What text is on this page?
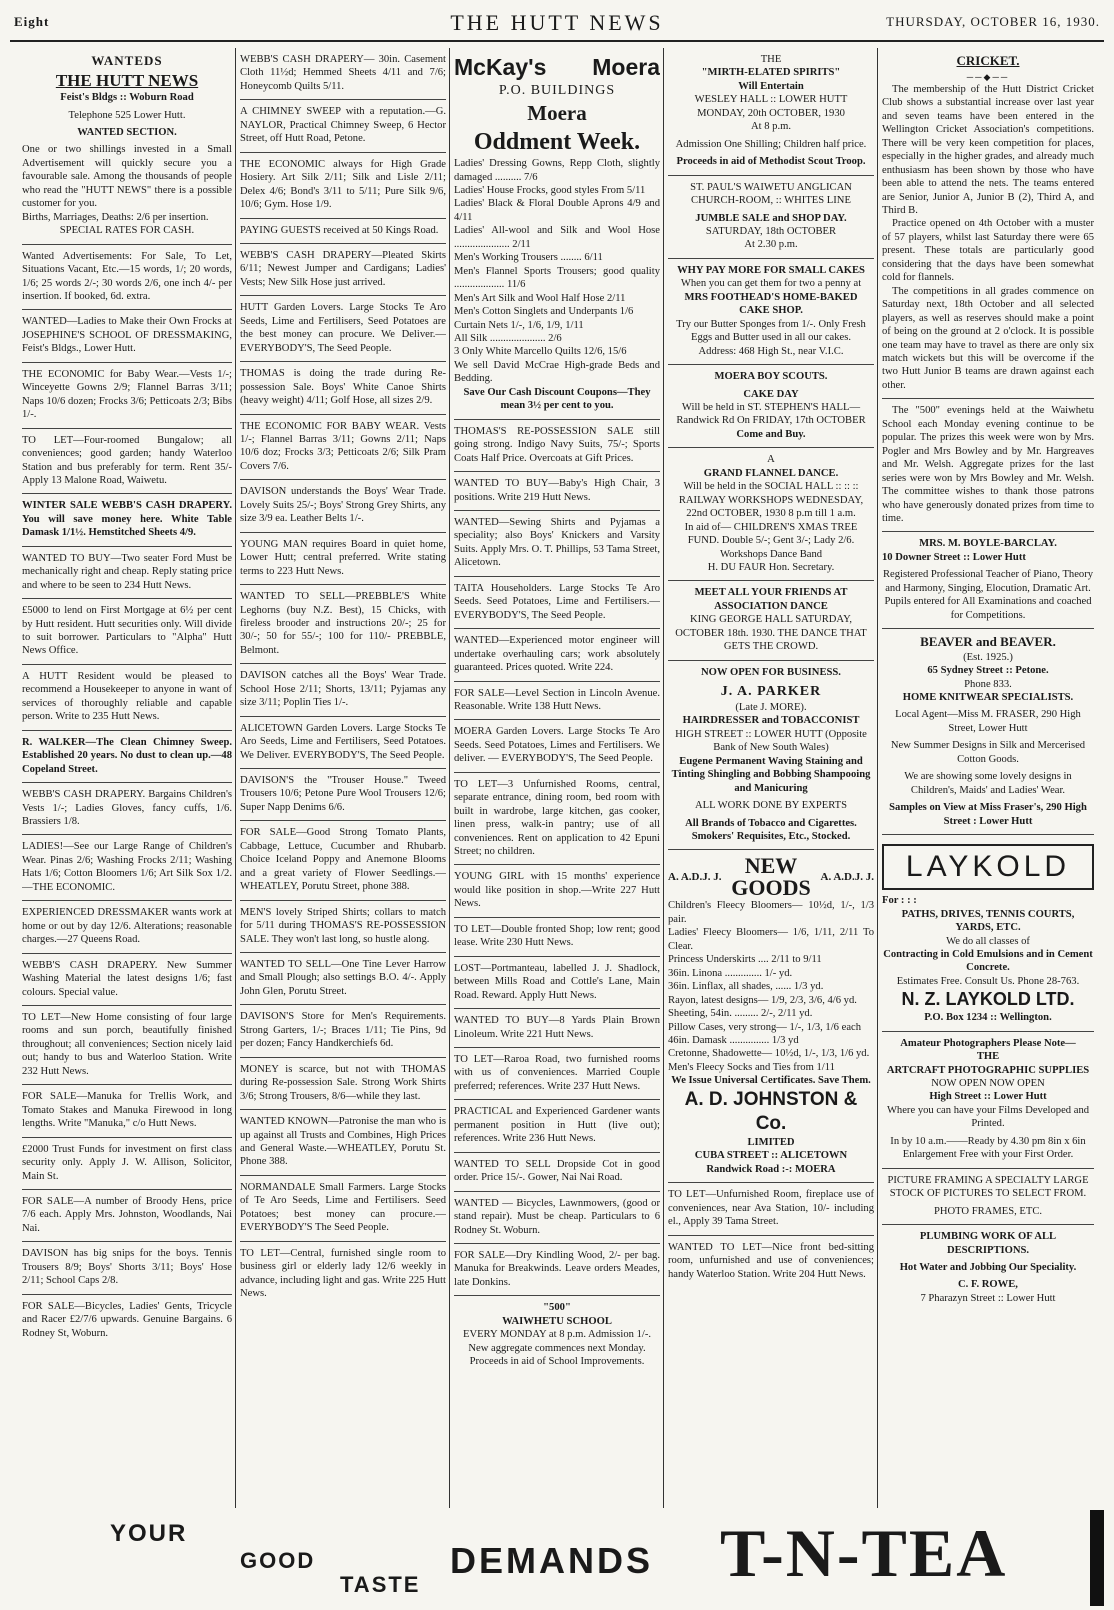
Eight	THE HUTT NEWS	THURSDAY, OCTOBER 16, 1930.
WANTEDS
THE HUTT NEWS
Feist's Bldgs :: Woburn Road
Telephone 525 Lower Hutt.
WANTED SECTION.
One or two shillings invested in a Small Advertisement will quickly secure you a favourable sale. Among the thousands of people who read the "HUTT NEWS" there is a possible customer for you.
Births, Marriages, Deaths: 2/6 per insertion.
SPECIAL RATES FOR CASH.
Wanted Advertisements: For Sale, To Let, Situations Vacant, Etc.—15 words, 1/; 20 words, 1/6; 25 words 2/-; 30 words 2/6, one inch 4/- per insertion. If booked, 6d. extra.
WANTED—Ladies to Make their Own Frocks at JOSEPHINE'S SCHOOL OF DRESSMAKING, Feist's Bldgs., Lower Hutt.
THE ECONOMIC for Baby Wear.—Vests 1/-; Winceyette Gowns 2/9; Flannel Barras 3/11; Naps 10/6 dozen; Frocks 3/6; Petticoats 2/3; Bibs 1/-.
TO LET—Four-roomed Bungalow; all conveniences; good garden; handy Waterloo Station and bus preferably for term. Rent 35/- Apply 13 Malone Road, Waiwetu.
WINTER SALE WEBB'S CASH DRAPERY. You will save money here. White Table Damask 1/1½. Hemstitched Sheets 4/9.
WANTED TO BUY—Two seater Ford Must be mechanically right and cheap. Reply stating price and where to be seen to 234 Hutt News.
£5000 to lend on First Mortgage at 6½ per cent by Hutt resident. Hutt securities only. Will divide to suit borrower. Particulars to "Alpha" Hutt News Office.
A HUTT Resident would be pleased to recommend a Housekeeper to anyone in want of services of thoroughly reliable and capable person. Write to 235 Hutt News.
R. WALKER—The Clean Chimney Sweep. Established 20 years. No dust to clean up.—48 Copeland Street.
WEBB'S CASH DRAPERY. Bargains Children's Vests 1/-; Ladies Gloves, fancy cuffs, 1/6. Brassiers 1/8.
LADIES!—See our Large Range of Children's Wear. Pinas 2/6; Washing Frocks 2/11; Washing Hats 1/6; Cotton Bloomers 1/6; Art Silk Sox 1/2.—THE ECONOMIC.
EXPERIENCED DRESSMAKER wants work at home or out by day 12/6. Alterations; reasonable charges.—27 Queens Road.
WEBB'S CASH DRAPERY. New Summer Washing Material the latest designs 1/6; fast colours. Special value.
TO LET—New Home consisting of four large rooms and sun porch, beautifully finished throughout; all conveniences; Section nicely laid out; handy to bus and Waterloo Station. Write 232 Hutt News.
FOR SALE—Manuka for Trellis Work, and Tomato Stakes and Manuka Firewood in long lengths. Write "Manuka," c/o Hutt News.
£2000 Trust Funds for investment on first class security only. Apply J. W. Allison, Solicitor, Main St.
FOR SALE—A number of Broody Hens, price 7/6 each. Apply Mrs. Johnston, Woodlands, Nai Nai.
DAVISON has big snips for the boys. Tennis Trousers 8/9; Boys' Shorts 3/11; Boys' Hose 2/11; School Caps 2/8.
FOR SALE—Bicycles, Ladies' Gents, Tricycle and Racer £2/7/6 upwards. Genuine Bargains. 6 Rodney St, Woburn.
WEBB'S CASH DRAPERY— 30in. Casement Cloth 11½d; Hemmed Sheets 4/11 and 7/6; Honeycomb Quilts 5/11.
A CHIMNEY SWEEP with a reputation.—G. NAYLOR, Practical Chimney Sweep, 6 Hector Street, off Hutt Road, Petone.
THE ECONOMIC always for High Grade Hosiery. Art Silk 2/11; Silk and Lisle 2/11; Delex 4/6; Bond's 3/11 to 5/11; Pure Silk 9/6, 10/6; Gym. Hose 1/9.
PAYING GUESTS received at 50 Kings Road.
WEBB'S CASH DRAPERY—Pleated Skirts 6/11; Newest Jumper and Cardigans; Ladies' Vests; New Silk Hose just arrived.
HUTT Garden Lovers. Large Stocks Te Aro Seeds, Lime and Fertilisers, Seed Potatoes are the best money can procure. We Deliver.—EVERYBODY'S, The Seed People.
THOMAS is doing the trade during Re-possession Sale. Boys' White Canoe Shirts (heavy weight) 4/11; Golf Hose, all sizes 2/9.
THE ECONOMIC FOR BABY WEAR. Vests 1/-; Flannel Barras 3/11; Gowns 2/11; Naps 10/6 doz; Frocks 3/3; Petticoats 2/6; Silk Pram Covers 7/6.
DAVISON understands the Boys' Wear Trade. Lovely Suits 25/-; Boys' Strong Grey Shirts, any size 3/9 ea. Leather Belts 1/-.
YOUNG MAN requires Board in quiet home, Lower Hutt; central preferred. Write stating terms to 223 Hutt News.
WANTED TO SELL—PREBBLE'S White Leghorns (buy N.Z. Best), 15 Chicks, with fireless brooder and instructions 20/-; 25 for 30/-; 50 for 55/-; 100 for 110/- PREBBLE, Belmont.
DAVISON catches all the Boys' Wear Trade. School Hose 2/11; Shorts, 13/11; Pyjamas any size 3/11; Poplin Ties 1/-.
ALICETOWN Garden Lovers. Large Stocks Te Aro Seeds, Lime and Fertilisers, Seed Potatoes. We Deliver. EVERYBODY'S, The Seed People.
DAVISON'S the "Trouser House." Tweed Trousers 10/6; Petone Pure Wool Trousers 12/6; Super Napp Denims 6/6.
FOR SALE—Good Strong Tomato Plants, Cabbage, Lettuce, Cucumber and Rhubarb. Choice Iceland Poppy and Anemone Blooms and a great variety of Flower Seedlings.—WHEATLEY, Porutu Street, phone 388.
MEN'S lovely Striped Shirts; collars to match for 5/11 during THOMAS'S RE-POSSESSION SALE. They won't last long, so hustle along.
WANTED TO SELL—One Tine Lever Harrow and Small Plough; also settings B.O. 4/-. Apply John Glen, Porutu Street.
DAVISON'S Store for Men's Requirements. Strong Garters, 1/-; Braces 1/11; Tie Pins, 9d per dozen; Fancy Handkerchiefs 6d.
MONEY is scarce, but not with THOMAS during Re-possession Sale. Strong Work Shirts 3/6; Strong Trousers, 8/6—while they last.
WANTED KNOWN—Patronise the man who is up against all Trusts and Combines, High Prices and General Waste.—WHEATLEY, Porutu St. Phone 388.
NORMANDALE Small Farmers. Large Stocks of Te Aro Seeds, Lime and Fertilisers. Seed Potatoes; best money can procure.—EVERYBODY'S The Seed People.
TO LET—Central, furnished single room to business girl or elderly lady 12/6 weekly in advance, including light and gas. Write 225 Hutt News.
McKay's Moera
P.O. BUILDINGS
Moera
Oddment Week.
Ladies' Dressing Gowns, Repp Cloth, slightly damaged .......... 7/6
Ladies' House Frocks, good styles From 5/11
Ladies' Black & Floral Double Aprons 4/9 and 4/11
Ladies' All-wool and Silk and Wool Hose ..................... 2/11
Men's Working Trousers ........ 6/11
Men's Flannel Sports Trousers; good quality ................... 11/6
Men's Art Silk and Wool Half Hose 2/11
Men's Cotton Singlets and Underpants 1/6
Curtain Nets 1/-, 1/6, 1/9, 1/11
All Silk ..................... 2/6
3 Only White Marcello Quilts 12/6, 15/6
We sell David McCrae High-grade Beds and Bedding.
Save Our Cash Discount Coupons—They mean 3½ per cent to you.
THOMAS'S RE-POSSESSION SALE still going strong. Indigo Navy Suits, 75/-; Sports Coats Half Price. Overcoats at Gift Prices.
WANTED TO BUY—Baby's High Chair, 3 positions. Write 219 Hutt News.
WANTED—Sewing Shirts and Pyjamas a speciality; also Boys' Knickers and Varsity Suits. Apply Mrs. O. T. Phillips, 53 Tama Street, Alicetown.
TAITA Householders. Large Stocks Te Aro Seeds. Seed Potatoes, Lime and Fertilisers.— EVERYBODY'S, The Seed People.
WANTED—Experienced motor engineer will undertake overhauling cars; work absolutely guaranteed. Prices quoted. Write 224.
FOR SALE—Level Section in Lincoln Avenue. Reasonable. Write 138 Hutt News.
MOERA Garden Lovers. Large Stocks Te Aro Seeds. Seed Potatoes, Limes and Fertilisers. We deliver. — EVERYBODY'S, The Seed People.
TO LET—3 Unfurnished Rooms, central, separate entrance, dining room, bed room with built in wardrobe, large kitchen, gas cooker, linen press, walk-in pantry; use of all conveniences. Rent on application to 42 Epuni Street; no children.
YOUNG GIRL with 15 months' experience would like position in shop.—Write 227 Hutt News.
TO LET—Double fronted Shop; low rent; good lease. Write 230 Hutt News.
LOST—Portmanteau, labelled J. J. Shadlock, between Mills Road and Cottle's Lane, Main Road. Reward. Apply Hutt News.
WANTED TO BUY—8 Yards Plain Brown Linoleum. Write 221 Hutt News.
TO LET—Raroa Road, two furnished rooms with us of conveniences. Married Couple preferred; references. Write 237 Hutt News.
PRACTICAL and Experienced Gardener wants permanent position in Hutt (live out); references. Write 236 Hutt News.
WANTED TO SELL Dropside Cot in good order. Price 15/-. Gower, Nai Nai Road.
WANTED — Bicycles, Lawnmowers, (good or stand repair). Must be cheap. Particulars to 6 Rodney St. Woburn.
FOR SALE—Dry Kindling Wood, 2/- per bag. Manuka for Breakwinds. Leave orders Meades, late Donkins.
"500"
WAIWHETU SCHOOL
EVERY MONDAY at 8 p.m. Admission 1/-. New aggregate commences next Monday. Proceeds in aid of School Improvements.
THE
"MIRTH-ELATED SPIRITS"
Will Entertain
WESLEY HALL :: LOWER HUTT
MONDAY, 20th OCTOBER, 1930
At 8 p.m.
Admission One Shilling; Children half price.
Proceeds in aid of Methodist Scout Troop.
ST. PAUL'S WAIWETU ANGLICAN CHURCH-ROOM, :: WHITES LINE
JUMBLE SALE and SHOP DAY.
SATURDAY, 18th OCTOBER
At 2.30 p.m.
WHY PAY MORE FOR SMALL CAKES
When you can get them for two a penny at
MRS FOOTHEAD'S HOME-BAKED CAKE SHOP.
Try our Butter Sponges from 1/-. Only Fresh Eggs and Butter used in all our cakes.
Address: 468 High St., near V.I.C.
MOERA BOY SCOUTS.
CAKE DAY
Will be held in ST. STEPHEN'S HALL—Randwick Rd On FRIDAY, 17th OCTOBER
Come and Buy.
A
GRAND FLANNEL DANCE.
Will be held in the SOCIAL HALL :: :: :: RAILWAY WORKSHOPS WEDNESDAY, 22nd OCTOBER, 1930 8 p.m till 1 a.m.
In aid of— CHILDREN'S XMAS TREE FUND. Double 5/-; Gent 3/-; Lady 2/6. Workshops Dance Band
H. DU FAUR Hon. Secretary.
MEET ALL YOUR FRIENDS AT
ASSOCIATION DANCE
KING GEORGE HALL SATURDAY, OCTOBER 18th. 1930. THE DANCE THAT GETS THE CROWD.
NOW OPEN FOR BUSINESS.
J. A. PARKER
(Late J. MORE).
HAIRDRESSER and TOBACCONIST
HIGH STREET :: LOWER HUTT (Opposite Bank of New South Wales)
Eugene Permanent Waving Staining and Tinting Shingling and Bobbing Shampooing and Manicuring
ALL WORK DONE BY EXPERTS
All Brands of Tobacco and Cigarettes. Smokers' Requisites, Etc., Stocked.
A. A.D.J. J.	NEW
GOODS A. A.D.J. J.
Children's Fleecy Bloomers— 10½d, 1/-, 1/3 pair.
Ladies' Fleecy Bloomers— 1/6, 1/11, 2/11 To Clear.
Princess Underskirts .... 2/11 to 9/11
36in. Linona .............. 1/- yd.
36in. Linflax, all shades, ...... 1/3 yd.
Rayon, latest designs— 1/9, 2/3, 3/6, 4/6 yd.
Sheeting, 54in. ......... 2/-, 2/11 yd.
Pillow Cases, very strong— 1/-, 1/3, 1/6 each
46in. Damask ............... 1/3 yd
Cretonne, Shadowette— 10½d, 1/-, 1/3, 1/6 yd.
Men's Fleecy Socks and Ties from 1/11
We Issue Universal Certificates. Save Them.
A. D. JOHNSTON & Co.
LIMITED
CUBA STREET :: ALICETOWN
Randwick Road :-: MOERA
TO LET—Unfurnished Room, fireplace use of conveniences, near Ava Station, 10/- including el., Apply 39 Tama Street.
WANTED TO LET—Nice front bed-sitting room, unfurnished and use of conveniences; handy Waterloo Station. Write 204 Hutt News.
CRICKET.
──◆──
The membership of the Hutt District Cricket Club shows a substantial increase over last year and seven teams have been entered in the Wellington Cricket Association's competitions. There will be very keen competition for places, especially in the higher grades, and already much enthusiasm has been shown by those who have been able to attend the nets. The teams entered are Senior, Junior A, Junior B (2), Third A, and Third B.
Practice opened on 4th October with a muster of 57 players, whilst last Saturday there were 65 present. These totals are particularly good considering that the days have been somewhat cold for flannels.
The competitions in all grades commence on Saturday next, 18th October and all selected players, as well as reserves should make a point of being on the ground at 2 o'clock. It is possible one team may have to travel as there are only six match wickets but this will be overcome if the two Hutt Junior B teams are drawn against each other.
The "500" evenings held at the Waiwhetu School each Monday evening continue to be popular. The prizes this week were won by Mrs. Pogler and Mrs Bowley and by Mr. Hargreaves and Mr. Welsh. Aggregate prizes for the last series were won by Mrs Bowley and Mr. Welsh. The committee wishes to thank those patrons who have generously donated prizes from time to time.
MRS. M. BOYLE-BARCLAY.
10 Downer Street :: Lower Hutt
Registered Professional Teacher of Piano, Theory and Harmony, Singing, Elocution, Dramatic Art. Pupils entered for All Examinations and coached for Competitions.
BEAVER and BEAVER.
(Est. 1925.)
65 Sydney Street :: Petone.
Phone 833.
HOME KNITWEAR SPECIALISTS.
Local Agent—Miss M. FRASER, 290 High Street, Lower Hutt
New Summer Designs in Silk and Mercerised Cotton Goods.
We are showing some lovely designs in Children's, Maids' and Ladies' Wear.
Samples on View at Miss Fraser's, 290 High Street : Lower Hutt
LAYKOLD
For : : :
PATHS, DRIVES, TENNIS COURTS, YARDS, ETC.
We do all classes of
Contracting in Cold Emulsions and in Cement Concrete.
Estimates Free. Consult Us. Phone 28-763.
N. Z. LAYKOLD LTD.
P.O. Box 1234 :: Wellington.
Amateur Photographers Please Note—
THE
ARTCRAFT PHOTOGRAPHIC SUPPLIES
NOW OPEN NOW OPEN
High Street :: Lower Hutt
Where you can have your Films Developed and Printed.
In by 10 a.m.——Ready by 4.30 pm 8in x 6in Enlargement Free with your First Order.
PICTURE FRAMING A SPECIALTY LARGE STOCK OF PICTURES TO SELECT FROM.
PHOTO FRAMES, ETC.
PLUMBING WORK OF ALL DESCRIPTIONS.
Hot Water and Jobbing Our Speciality.
C. F. ROWE,
7 Pharazyn Street :: Lower Hutt
YOUR
GOOD
TASTE
DEMANDS T-N-TEA
